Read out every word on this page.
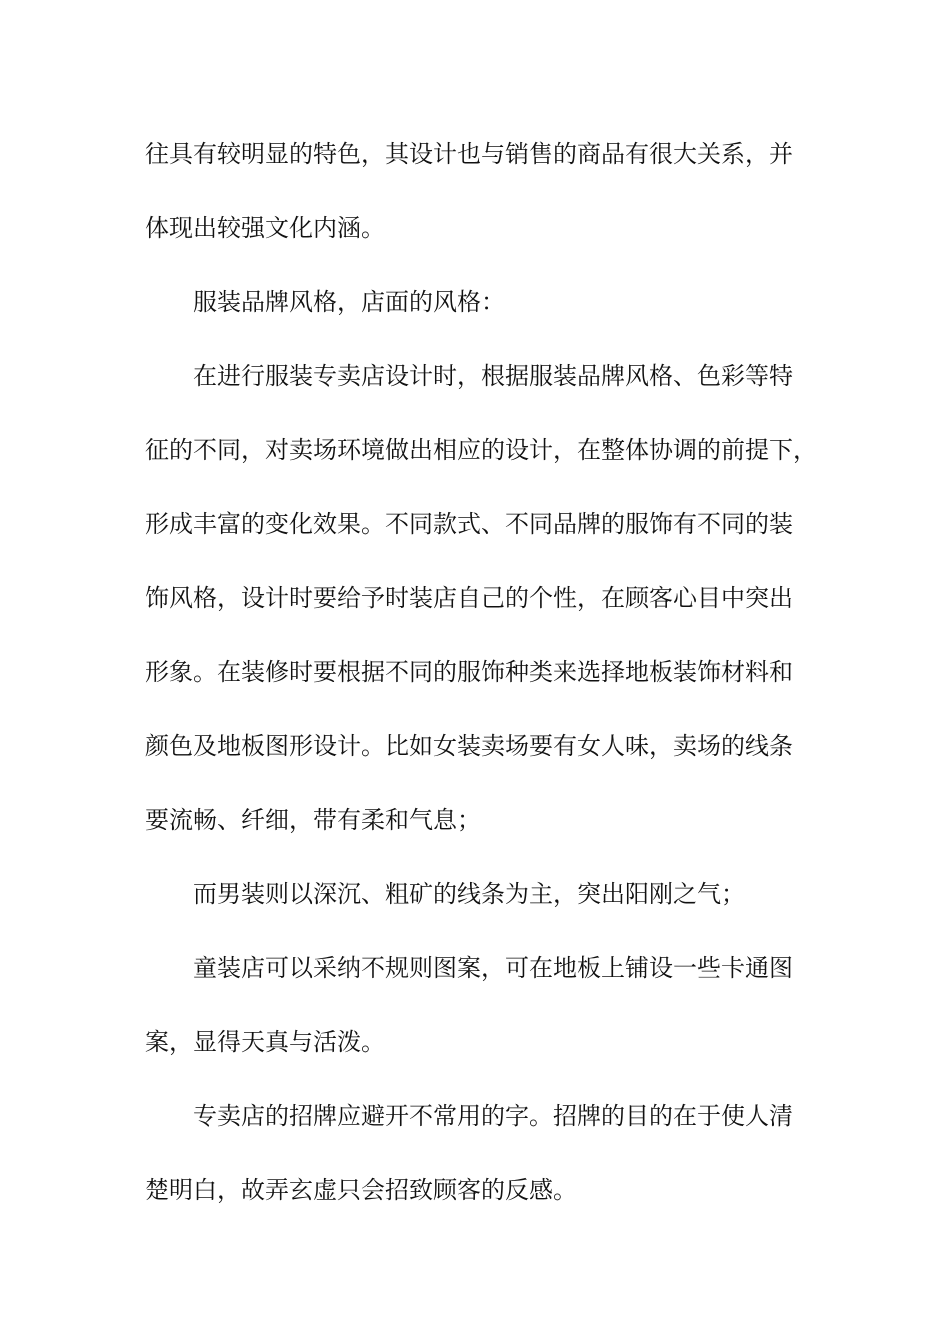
往具有较明显的特色，其设计也与销售的商品有很大关系，并
体现出较强文化内涵。
服装品牌风格，店面的风格：
在进行服装专卖店设计时，根据服装品牌风格、色彩等特
征的不同，对卖场环境做出相应的设计，在整体协调的前提下，
形成丰富的变化效果。不同款式、不同品牌的服饰有不同的装
饰风格，设计时要给予时装店自己的个性，在顾客心目中突出
形象。在装修时要根据不同的服饰种类来选择地板装饰材料和
颜色及地板图形设计。比如女装卖场要有女人味，卖场的线条
要流畅、纤细，带有柔和气息；
而男装则以深沉、粗矿的线条为主，突出阳刚之气；
童装店可以采纳不规则图案，可在地板上铺设一些卡通图
案，显得天真与活泼。
专卖店的招牌应避开不常用的字。招牌的目的在于使人清
楚明白，故弄玄虚只会招致顾客的反感。
